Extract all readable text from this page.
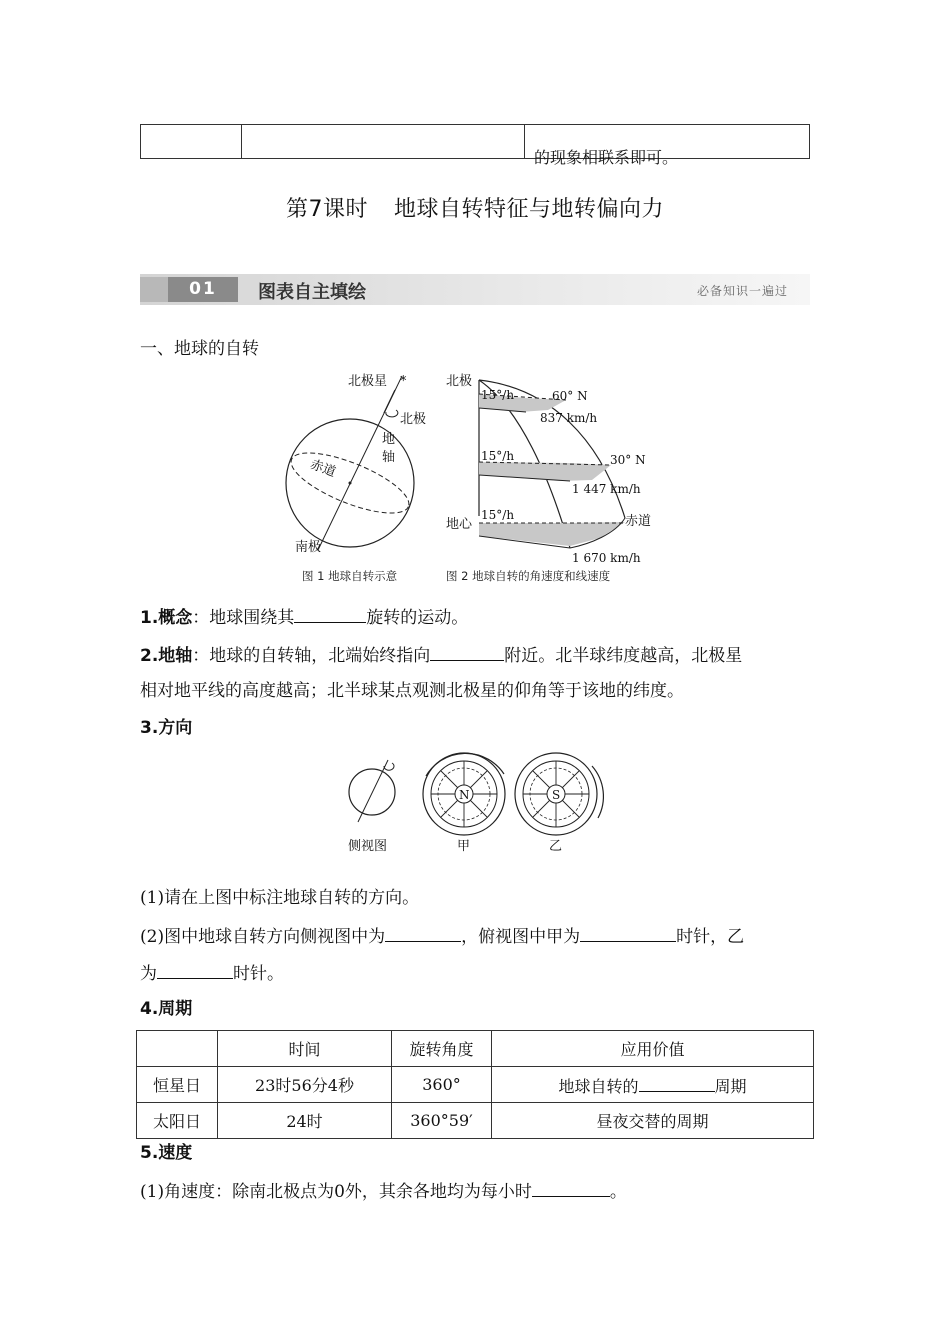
的现象相联系即可。
第7课时 地球自转特征与地转偏向力
01	图表自主填绘	必备知识一遍过
一、地球的自转
*
北极星
北极
地
轴
赤道
南极
图 1 地球自转示意
北极
地心	赤道
15°/h
15°/h
15°/h
60° N
30° N
837 km/h
1 447 km/h
1 670 km/h
图 2 地球自转的角速度和线速度
1.概念：地球围绕其	旋转的运动。
2.地轴：地球的自转轴，北端始终指向	附近。北半球纬度越高，北极星
相对地平线的高度越高；北半球某点观测北极星的仰角等于该地的纬度。
3.方向
侧视图
N
甲
S
乙
(1)请在上图中标注地球自转的方向。
(2)图中地球自转方向侧视图中为	，俯视图中甲为	时针，乙
为	时针。
4.周期
	时间	旋转角度	应用价值
恒星日	23时56分4秒	360°	地球自转的 周期
太阳日	24时	360°59′	昼夜交替的周期
5.速度
(1)角速度：除南北极点为0外，其余各地均为每小时	。
